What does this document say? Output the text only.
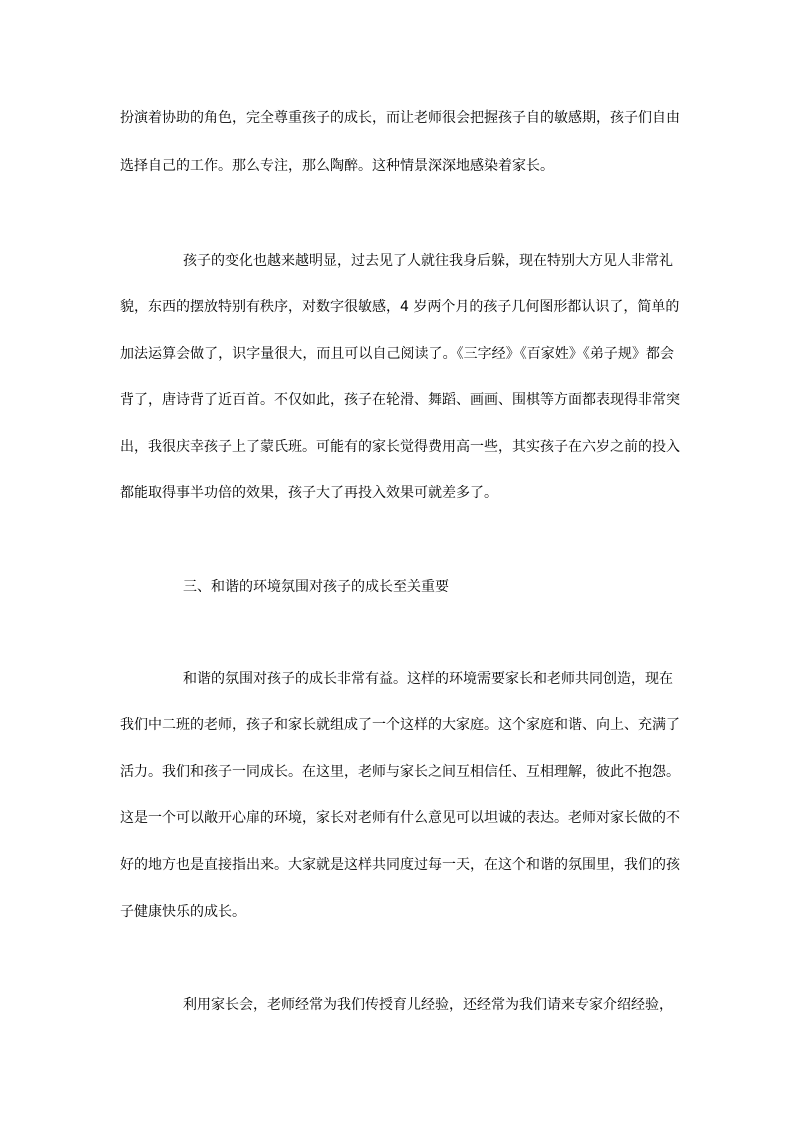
扮演着协助的角色，完全尊重孩子的成长，而让老师很会把握孩子自的敏感期，孩子们自由
选择自己的工作。那么专注，那么陶醉。这种情景深深地感染着家长。
孩子的变化也越来越明显，过去见了人就往我身后躲，现在特别大方见人非常礼
貌，东西的摆放特别有秩序，对数字很敏感，4 岁两个月的孩子几何图形都认识了，简单的
加法运算会做了，识字量很大，而且可以自己阅读了。《三字经》《百家姓》《弟子规》都会
背了，唐诗背了近百首。不仅如此，孩子在轮滑、舞蹈、画画、围棋等方面都表现得非常突
出，我很庆幸孩子上了蒙氏班。可能有的家长觉得费用高一些，其实孩子在六岁之前的投入
都能取得事半功倍的效果，孩子大了再投入效果可就差多了。
三、和谐的环境氛围对孩子的成长至关重要
和谐的氛围对孩子的成长非常有益。这样的环境需要家长和老师共同创造，现在
我们中二班的老师，孩子和家长就组成了一个这样的大家庭。这个家庭和谐、向上、充满了
活力。我们和孩子一同成长。在这里，老师与家长之间互相信任、互相理解，彼此不抱怨。
这是一个可以敞开心扉的环境，家长对老师有什么意见可以坦诚的表达。老师对家长做的不
好的地方也是直接指出来。大家就是这样共同度过每一天，在这个和谐的氛围里，我们的孩
子健康快乐的成长。
利用家长会，老师经常为我们传授育儿经验，还经常为我们请来专家介绍经验，
